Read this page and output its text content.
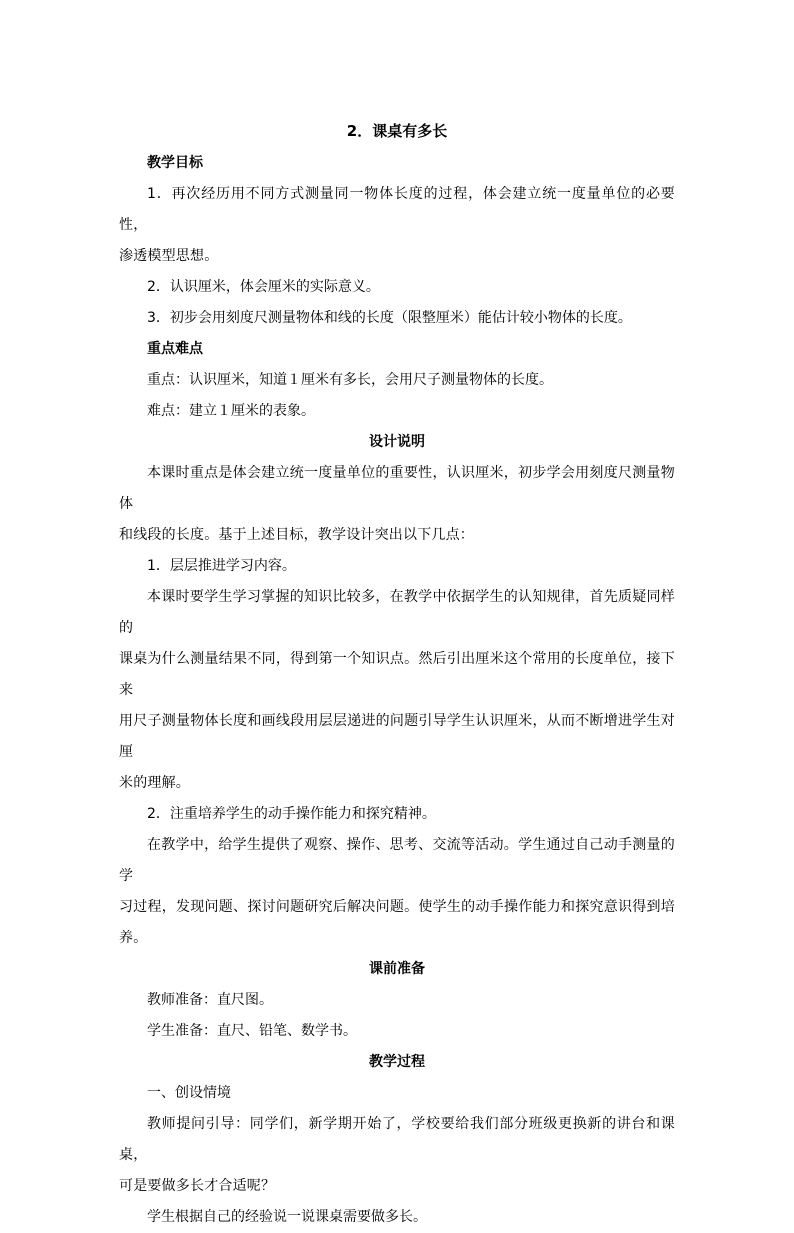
2．课桌有多长
教学目标
1．再次经历用不同方式测量同一物体长度的过程，体会建立统一度量单位的必要性，
渗透模型思想。
2．认识厘米，体会厘米的实际意义。
3．初步会用刻度尺测量物体和线的长度（限整厘米）能估计较小物体的长度。
重点难点
重点：认识厘米，知道１厘米有多长，会用尺子测量物体的长度。
难点：建立１厘米的表象。
设计说明
本课时重点是体会建立统一度量单位的重要性，认识厘米，初步学会用刻度尺测量物体
和线段的长度。基于上述目标，教学设计突出以下几点：
1．层层推进学习内容。
本课时要学生学习掌握的知识比较多，在教学中依据学生的认知规律，首先质疑同样的
课桌为什么测量结果不同，得到第一个知识点。然后引出厘米这个常用的长度单位，接下来
用尺子测量物体长度和画线段用层层递进的问题引导学生认识厘米，从而不断增进学生对厘
米的理解。
2．注重培养学生的动手操作能力和探究精神。
在教学中，给学生提供了观察、操作、思考、交流等活动。学生通过自己动手测量的学
习过程，发现问题、探讨问题研究后解决问题。使学生的动手操作能力和探究意识得到培养。
课前准备
教师准备：直尺图。
学生准备：直尺、铅笔、数学书。
教学过程
一、创设情境
教师提问引导：同学们，新学期开始了，学校要给我们部分班级更换新的讲台和课桌，
可是要做多长才合适呢？
学生根据自己的经验说一说课桌需要做多长。
